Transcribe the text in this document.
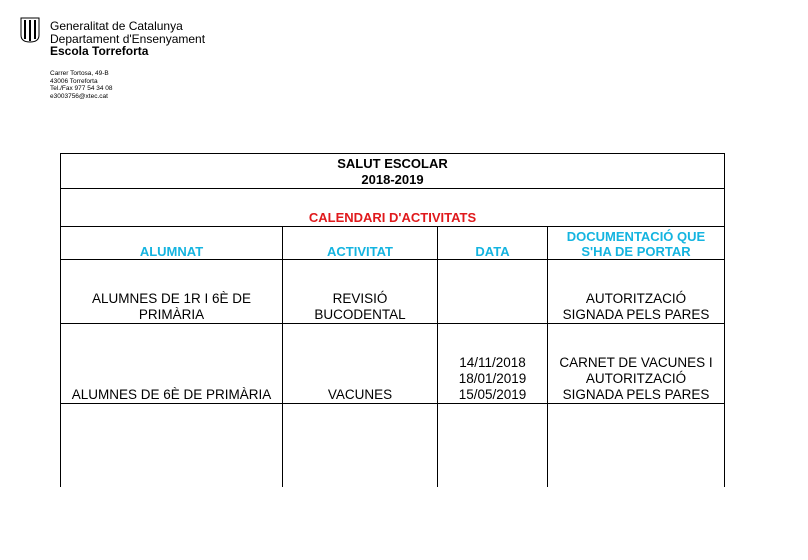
Generalitat de Catalunya
Departament d'Ensenyament
Escola Torreforta
Carrer Tortosa, 49-B
43006 Torreforta
Tel./Fax 977 54 34 08
e3003756@xtec.cat
SALUT ESCOLAR
2018-2019			

CALENDARI D'ACTIVITATS			
ALUMNAT	ACTIVITAT	DATA	DOCUMENTACIÓ QUE
S'HA DE PORTAR

ALUMNES DE 1R I 6È DE
PRIMÀRIA	REVISIÓ
BUCODENTAL		AUTORITZACIÓ
SIGNADA PELS PARES

ALUMNES DE 6È DE PRIMÀRIA	VACUNES	14/11/2018
18/01/2019
15/05/2019	CARNET DE VACUNES I
AUTORITZACIÓ
SIGNADA PELS PARES
